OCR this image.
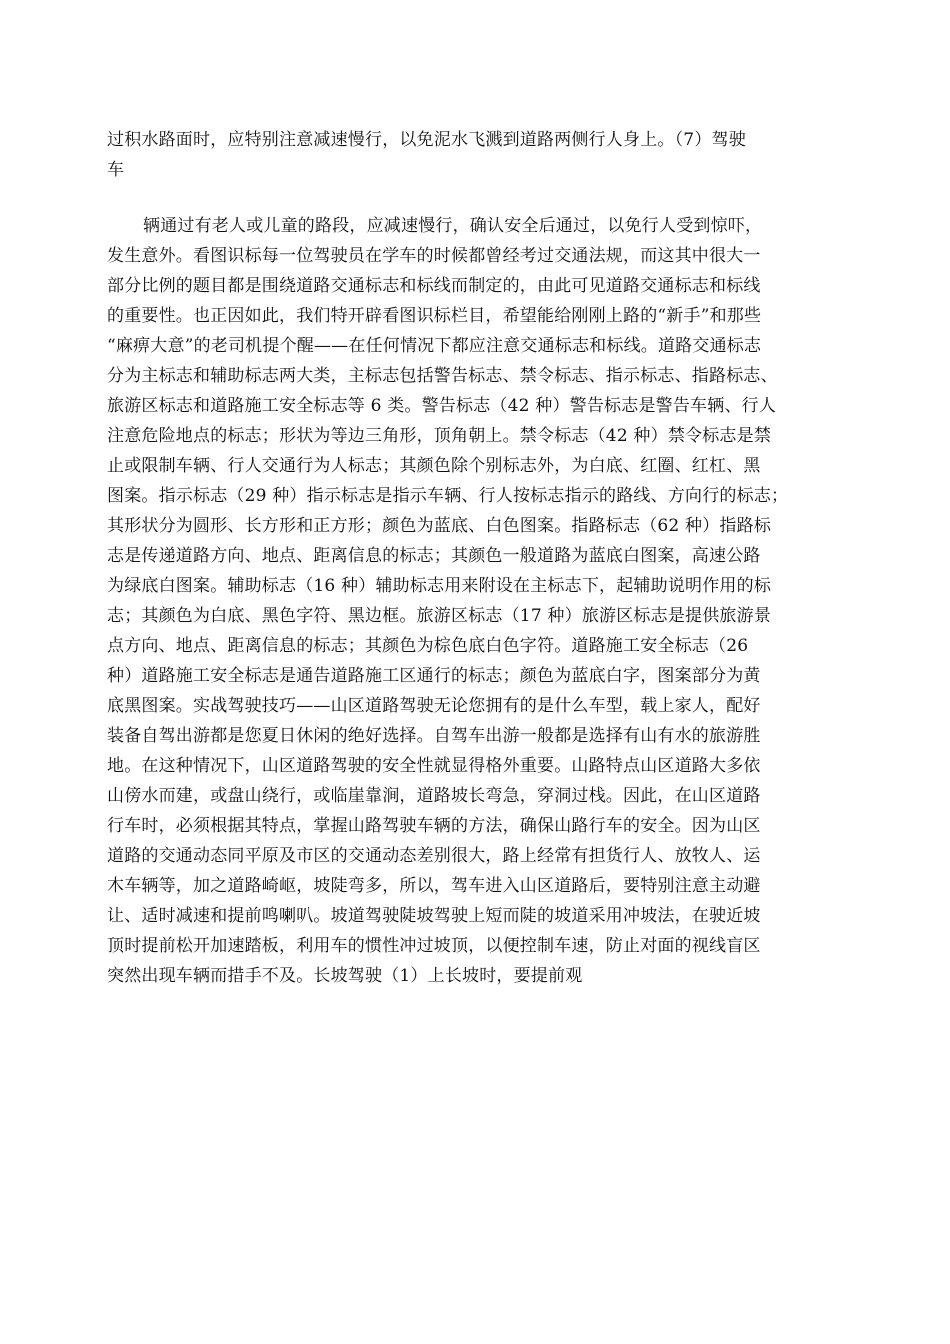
过积水路面时，应特别注意减速慢行，以免泥水飞溅到道路两侧行人身上。（7）驾驶
车
辆通过有老人或儿童的路段，应减速慢行，确认安全后通过，以免行人受到惊吓，
发生意外。看图识标每一位驾驶员在学车的时候都曾经考过交通法规，而这其中很大一
部分比例的题目都是围绕道路交通标志和标线而制定的，由此可见道路交通标志和标线
的重要性。也正因如此，我们特开辟看图识标栏目，希望能给刚刚上路的“新手”和那些
“麻痹大意”的老司机提个醒——在任何情况下都应注意交通标志和标线。道路交通标志
分为主标志和辅助标志两大类，主标志包括警告标志、禁令标志、指示标志、指路标志、
旅游区标志和道路施工安全标志等 6 类。警告标志（42 种）警告标志是警告车辆、行人
注意危险地点的标志；形状为等边三角形，顶角朝上。禁令标志（42 种）禁令标志是禁
止或限制车辆、行人交通行为人标志；其颜色除个别标志外，为白底、红圈、红杠、黑
图案。指示标志（29 种）指示标志是指示车辆、行人按标志指示的路线、方向行的标志；
其形状分为圆形、长方形和正方形；颜色为蓝底、白色图案。指路标志（62 种）指路标
志是传递道路方向、地点、距离信息的标志；其颜色一般道路为蓝底白图案，高速公路
为绿底白图案。辅助标志（16 种）辅助标志用来附设在主标志下，起辅助说明作用的标
志；其颜色为白底、黑色字符、黑边框。旅游区标志（17 种）旅游区标志是提供旅游景
点方向、地点、距离信息的标志；其颜色为棕色底白色字符。道路施工安全标志（26
种）道路施工安全标志是通告道路施工区通行的标志；颜色为蓝底白字，图案部分为黄
底黑图案。实战驾驶技巧——山区道路驾驶无论您拥有的是什么车型，载上家人，配好
装备自驾出游都是您夏日休闲的绝好选择。自驾车出游一般都是选择有山有水的旅游胜
地。在这种情况下，山区道路驾驶的安全性就显得格外重要。山路特点山区道路大多依
山傍水而建，或盘山绕行，或临崖靠涧，道路坡长弯急，穿洞过栈。因此，在山区道路
行车时，必须根据其特点，掌握山路驾驶车辆的方法，确保山路行车的安全。因为山区
道路的交通动态同平原及市区的交通动态差别很大，路上经常有担货行人、放牧人、运
木车辆等，加之道路崎岖，坡陡弯多，所以，驾车进入山区道路后，要特别注意主动避
让、适时减速和提前鸣喇叭。坡道驾驶陡坡驾驶上短而陡的坡道采用冲坡法，在驶近坡
顶时提前松开加速踏板，利用车的惯性冲过坡顶，以便控制车速，防止对面的视线盲区
突然出现车辆而措手不及。长坡驾驶（1）上长坡时，要提前观
